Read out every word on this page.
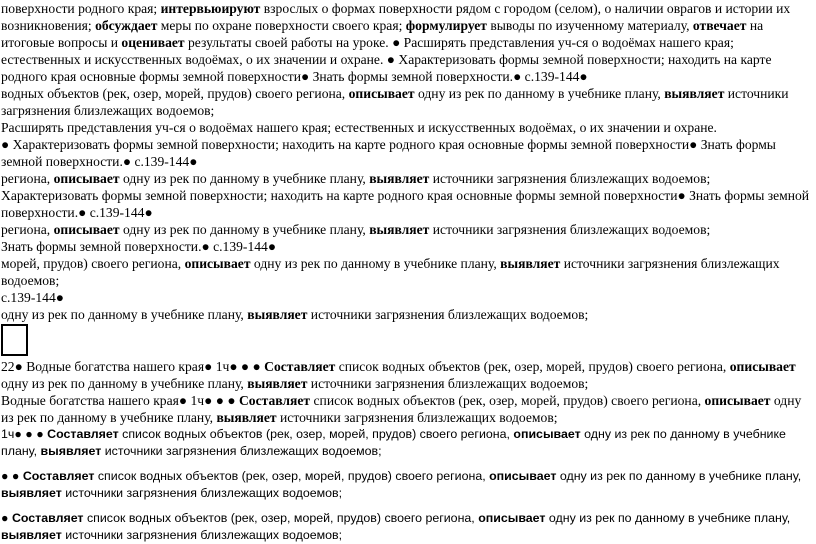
поверхности родного края; интервьюируют взрослых о формах поверхности рядом с городом (селом), о наличии оврагов и истории их возникновения; обсуждает меры по охране поверхности своего края; формулирует выводы по изученному материалу, отвечает на итоговые вопросы и оценивает результаты своей работы на уроке. ● Расширять представления уч-ся о водоёмах нашего края; естественных и искусственных водоёмах, о их значении и охране. ● Характеризовать формы земной поверхности; находить на карте родного края основные формы земной поверхности● Знать формы земной поверхности.● с.139-144●

водных объектов (рек, озер, морей, прудов) своего региона, описывает одну из рек по данному в учебнике плану, выявляет источники загрязнения близлежащих водоемов;

Расширять представления уч-ся о водоёмах нашего края; естественных и искусственных водоёмах, о их значении и охране.

● Характеризовать формы земной поверхности; находить на карте родного края основные формы земной поверхности● Знать формы земной поверхности.● с.139-144●

региона, описывает одну из рек по данному в учебнике плану, выявляет источники загрязнения близлежащих водоемов;

Характеризовать формы земной поверхности; находить на карте родного края основные формы земной поверхности● Знать формы земной поверхности.● с.139-144●

региона, описывает одну из рек по данному в учебнике плану, выявляет источники загрязнения близлежащих водоемов;

Знать формы земной поверхности.● с.139-144●

морей, прудов) своего региона, описывает одну из рек по данному в учебнике плану, выявляет источники загрязнения близлежащих водоемов;

с.139-144●

одну из рек по данному в учебнике плану, выявляет источники загрязнения близлежащих водоемов;

22● Водные богатства нашего края● 1ч● ● ● Составляет список водных объектов (рек, озер, морей, прудов) своего региона, описывает одну из рек по данному в учебнике плану, выявляет источники загрязнения близлежащих водоемов;

Водные богатства нашего края● 1ч● ● ● Составляет список водных объектов (рек, озер, морей, прудов) своего региона, описывает одну из рек по данному в учебнике плану, выявляет источники загрязнения близлежащих водоемов;

1ч● ● ● Составляет список водных объектов (рек, озер, морей, прудов) своего региона, описывает одну из рек по данному в учебнике плану, выявляет источники загрязнения близлежащих водоемов;

● ● Составляет список водных объектов (рек, озер, морей, прудов) своего региона, описывает одну из рек по данному в учебнике плану, выявляет источники загрязнения близлежащих водоемов;

● Составляет список водных объектов (рек, озер, морей, прудов) своего региона, описывает одну из рек по данному в учебнике плану, выявляет источники загрязнения близлежащих водоемов;
